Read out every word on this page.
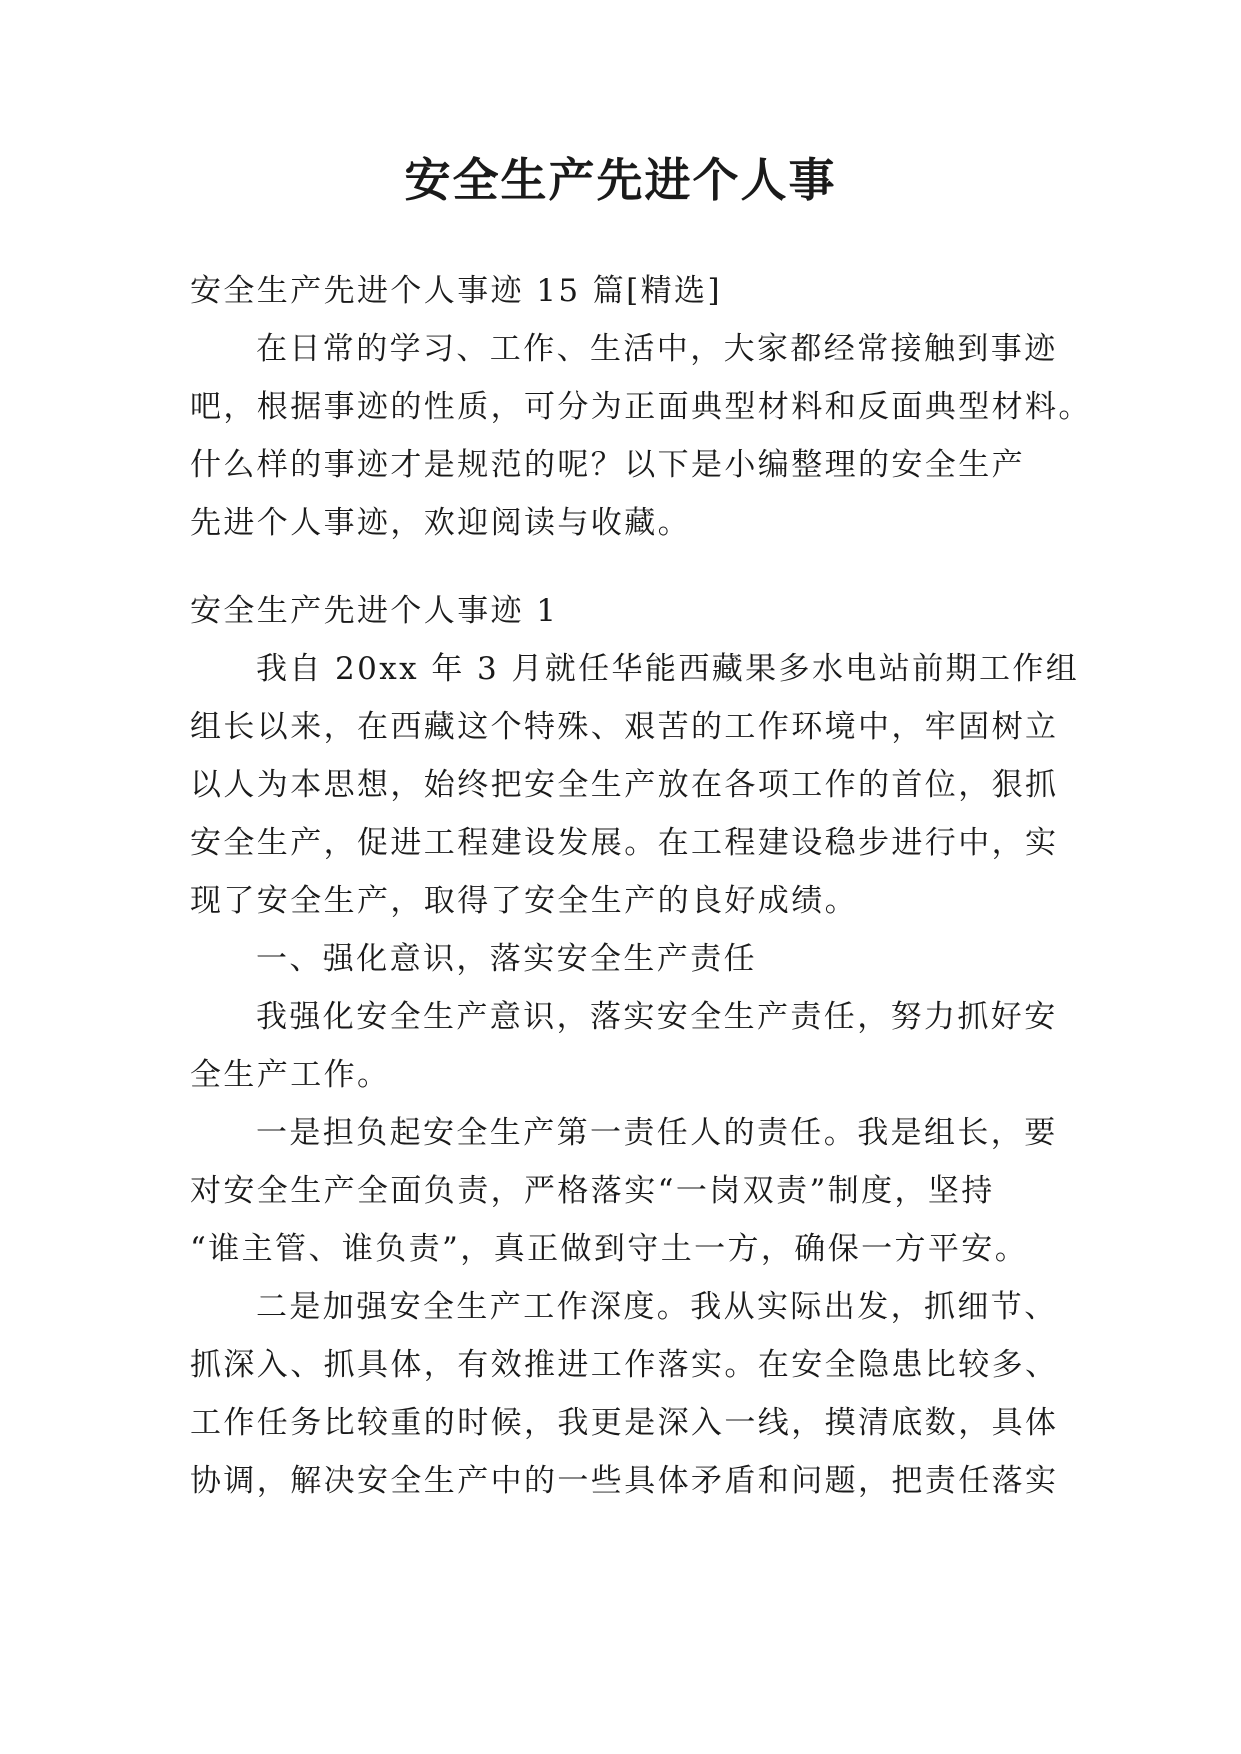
安全生产先进个人事
安全生产先进个人事迹 15 篇[精选]
在日常的学习、工作、生活中，大家都经常接触到事迹
吧，根据事迹的性质，可分为正面典型材料和反面典型材料。
什么样的事迹才是规范的呢？以下是小编整理的安全生产
先进个人事迹，欢迎阅读与收藏。
安全生产先进个人事迹 1
我自 20xx 年 3 月就任华能西藏果多水电站前期工作组
组长以来，在西藏这个特殊、艰苦的工作环境中，牢固树立
以人为本思想，始终把安全生产放在各项工作的首位，狠抓
安全生产，促进工程建设发展。在工程建设稳步进行中，实
现了安全生产，取得了安全生产的良好成绩。
一、强化意识，落实安全生产责任
我强化安全生产意识，落实安全生产责任，努力抓好安
全生产工作。
一是担负起安全生产第一责任人的责任。我是组长，要
对安全生产全面负责，严格落实“一岗双责”制度，坚持
“谁主管、谁负责”，真正做到守土一方，确保一方平安。
二是加强安全生产工作深度。我从实际出发，抓细节、
抓深入、抓具体，有效推进工作落实。在安全隐患比较多、
工作任务比较重的时候，我更是深入一线，摸清底数，具体
协调，解决安全生产中的一些具体矛盾和问题，把责任落实
